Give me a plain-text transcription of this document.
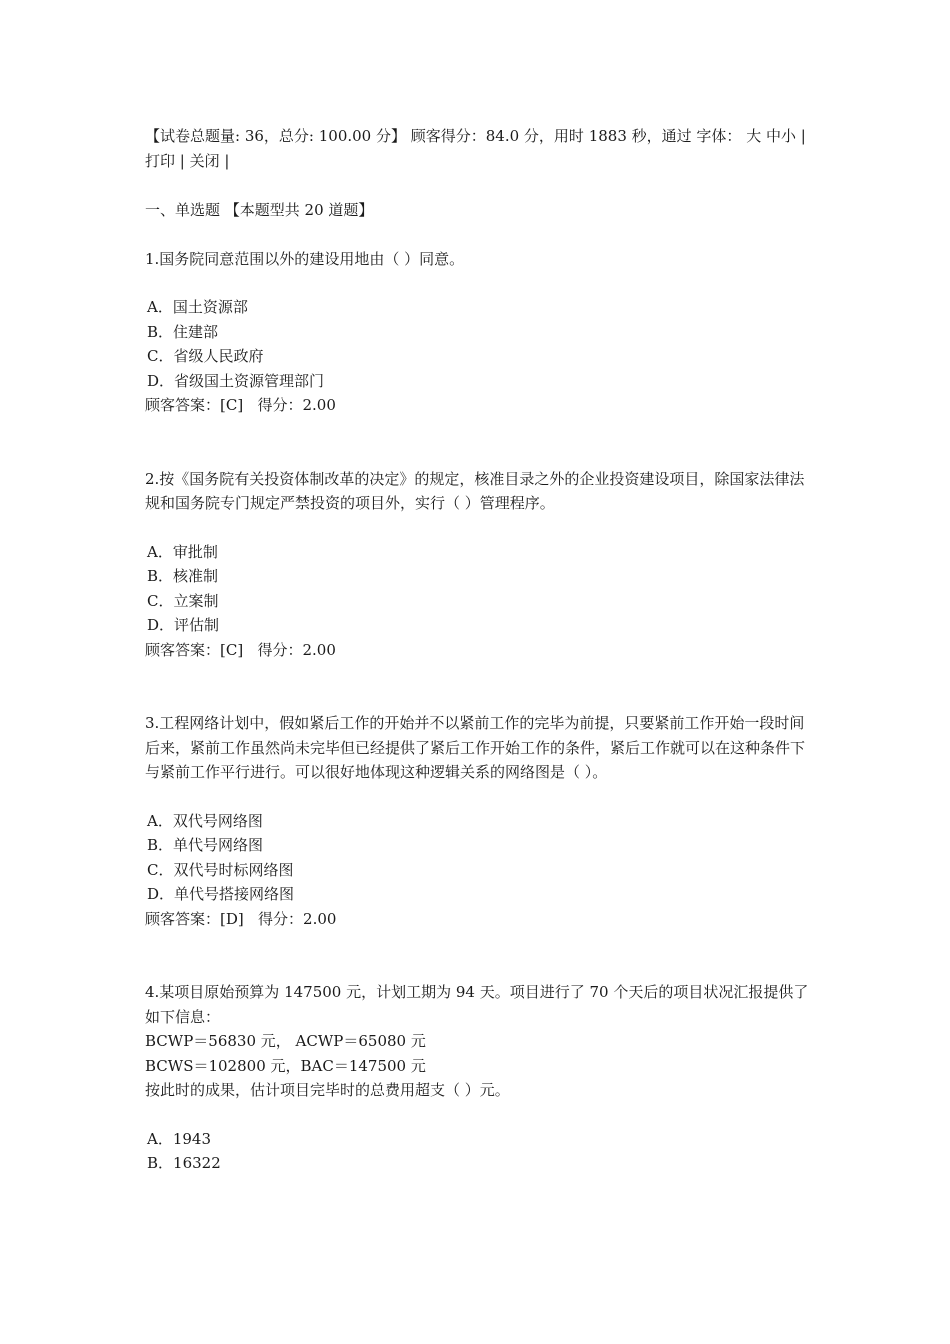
【试卷总题量: 36，总分: 100.00 分】 顾客得分：84.0 分，用时 1883 秒，通过 字体： 大 中小 | 打印 | 关闭 |
一、单选题 【本题型共 20 道题】
1.国务院同意范围以外的建设用地由（ ）同意。
A．国土资源部
B．住建部
C．省级人民政府
D．省级国土资源管理部门
顾客答案：[C]   得分：2.00
2.按《国务院有关投资体制改革的决定》的规定，核准目录之外的企业投资建设项目，除国家法律法规和国务院专门规定严禁投资的项目外，实行（ ）管理程序。
A．审批制
B．核准制
C．立案制
D．评估制
顾客答案：[C]   得分：2.00
3.工程网络计划中，假如紧后工作的开始并不以紧前工作的完毕为前提，只要紧前工作开始一段时间后来，紧前工作虽然尚未完毕但已经提供了紧后工作开始工作的条件，紧后工作就可以在这种条件下与紧前工作平行进行。可以很好地体现这种逻辑关系的网络图是（ ）。
A．双代号网络图
B．单代号网络图
C．双代号时标网络图
D．单代号搭接网络图
顾客答案：[D]   得分：2.00
4.某项目原始预算为 147500 元，计划工期为 94 天。项目进行了 70 个天后的项目状况汇报提供了如下信息：
BCWP＝56830 元， ACWP＝65080 元
BCWS＝102800 元，BAC＝147500 元
按此时的成果，估计项目完毕时的总费用超支（ ）元。
A．1943
B．16322
